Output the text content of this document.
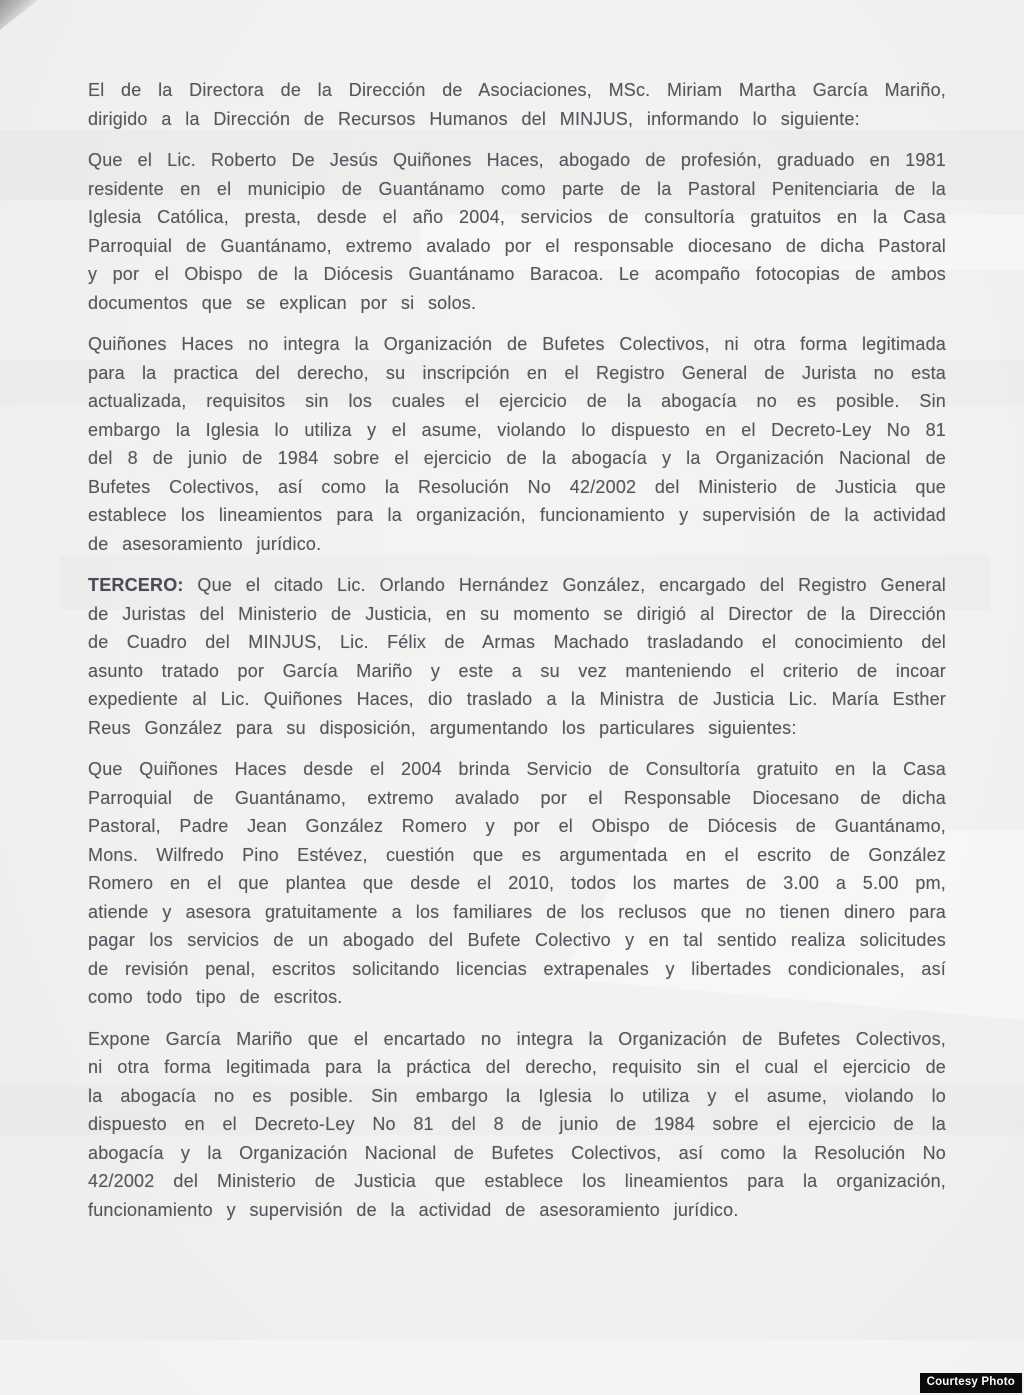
El de la Directora de la Dirección de Asociaciones, MSc. Miriam Martha García Mariño, dirigido a la Dirección de Recursos Humanos del MINJUS, informando lo siguiente:

Que el Lic. Roberto De Jesús Quiñones Haces, abogado de profesión, graduado en 1981 residente en el municipio de Guantánamo como parte de la Pastoral Penitenciaria de la Iglesia Católica, presta, desde el año 2004, servicios de consultoría gratuitos en la Casa Parroquial de Guantánamo, extremo avalado por el responsable diocesano de dicha Pastoral y por el Obispo de la Diócesis Guantánamo Baracoa. Le acompaño fotocopias de ambos documentos que se explican por si solos.

Quiñones Haces no integra la Organización de Bufetes Colectivos, ni otra forma legitimada para la practica del derecho, su inscripción en el Registro General de Jurista no esta actualizada, requisitos sin los cuales el ejercicio de la abogacía no es posible. Sin embargo la Iglesia lo utiliza y el asume, violando lo dispuesto en el Decreto-Ley No 81 del 8 de junio de 1984 sobre el ejercicio de la abogacía y la Organización Nacional de Bufetes Colectivos, así como la Resolución No 42/2002 del Ministerio de Justicia que establece los lineamientos para la organización, funcionamiento y supervisión de la actividad de asesoramiento jurídico.

TERCERO: Que el citado Lic. Orlando Hernández González, encargado del Registro General de Juristas del Ministerio de Justicia, en su momento se dirigió al Director de la Dirección de Cuadro del MINJUS, Lic. Félix de Armas Machado trasladando el conocimiento del asunto tratado por García Mariño y este a su vez manteniendo el criterio de incoar expediente al Lic. Quiñones Haces, dio traslado a la Ministra de Justicia Lic. María Esther Reus González para su disposición, argumentando los particulares siguientes:

Que Quiñones Haces desde el 2004 brinda Servicio de Consultoría gratuito en la Casa Parroquial de Guantánamo, extremo avalado por el Responsable Diocesano de dicha Pastoral, Padre Jean González Romero y por el Obispo de Diócesis de Guantánamo, Mons. Wilfredo Pino Estévez, cuestión que es argumentada en el escrito de González Romero en el que plantea que desde el 2010, todos los martes de 3.00 a 5.00 pm, atiende y asesora gratuitamente a los familiares de los reclusos que no tienen dinero para pagar los servicios de un abogado del Bufete Colectivo y en tal sentido realiza solicitudes de revisión penal, escritos solicitando licencias extrapenales y libertades condicionales, así como todo tipo de escritos.

Expone García Mariño que el encartado no integra la Organización de Bufetes Colectivos, ni otra forma legitimada para la práctica del derecho, requisito sin el cual el ejercicio de la abogacía no es posible. Sin embargo la Iglesia lo utiliza y el asume, violando lo dispuesto en el Decreto-Ley No 81 del 8 de junio de 1984 sobre el ejercicio de la abogacía y la Organización Nacional de Bufetes Colectivos, así como la Resolución No 42/2002 del Ministerio de Justicia que establece los lineamientos para la organización, funcionamiento y supervisión de la actividad de asesoramiento jurídico.

Courtesy Photo
